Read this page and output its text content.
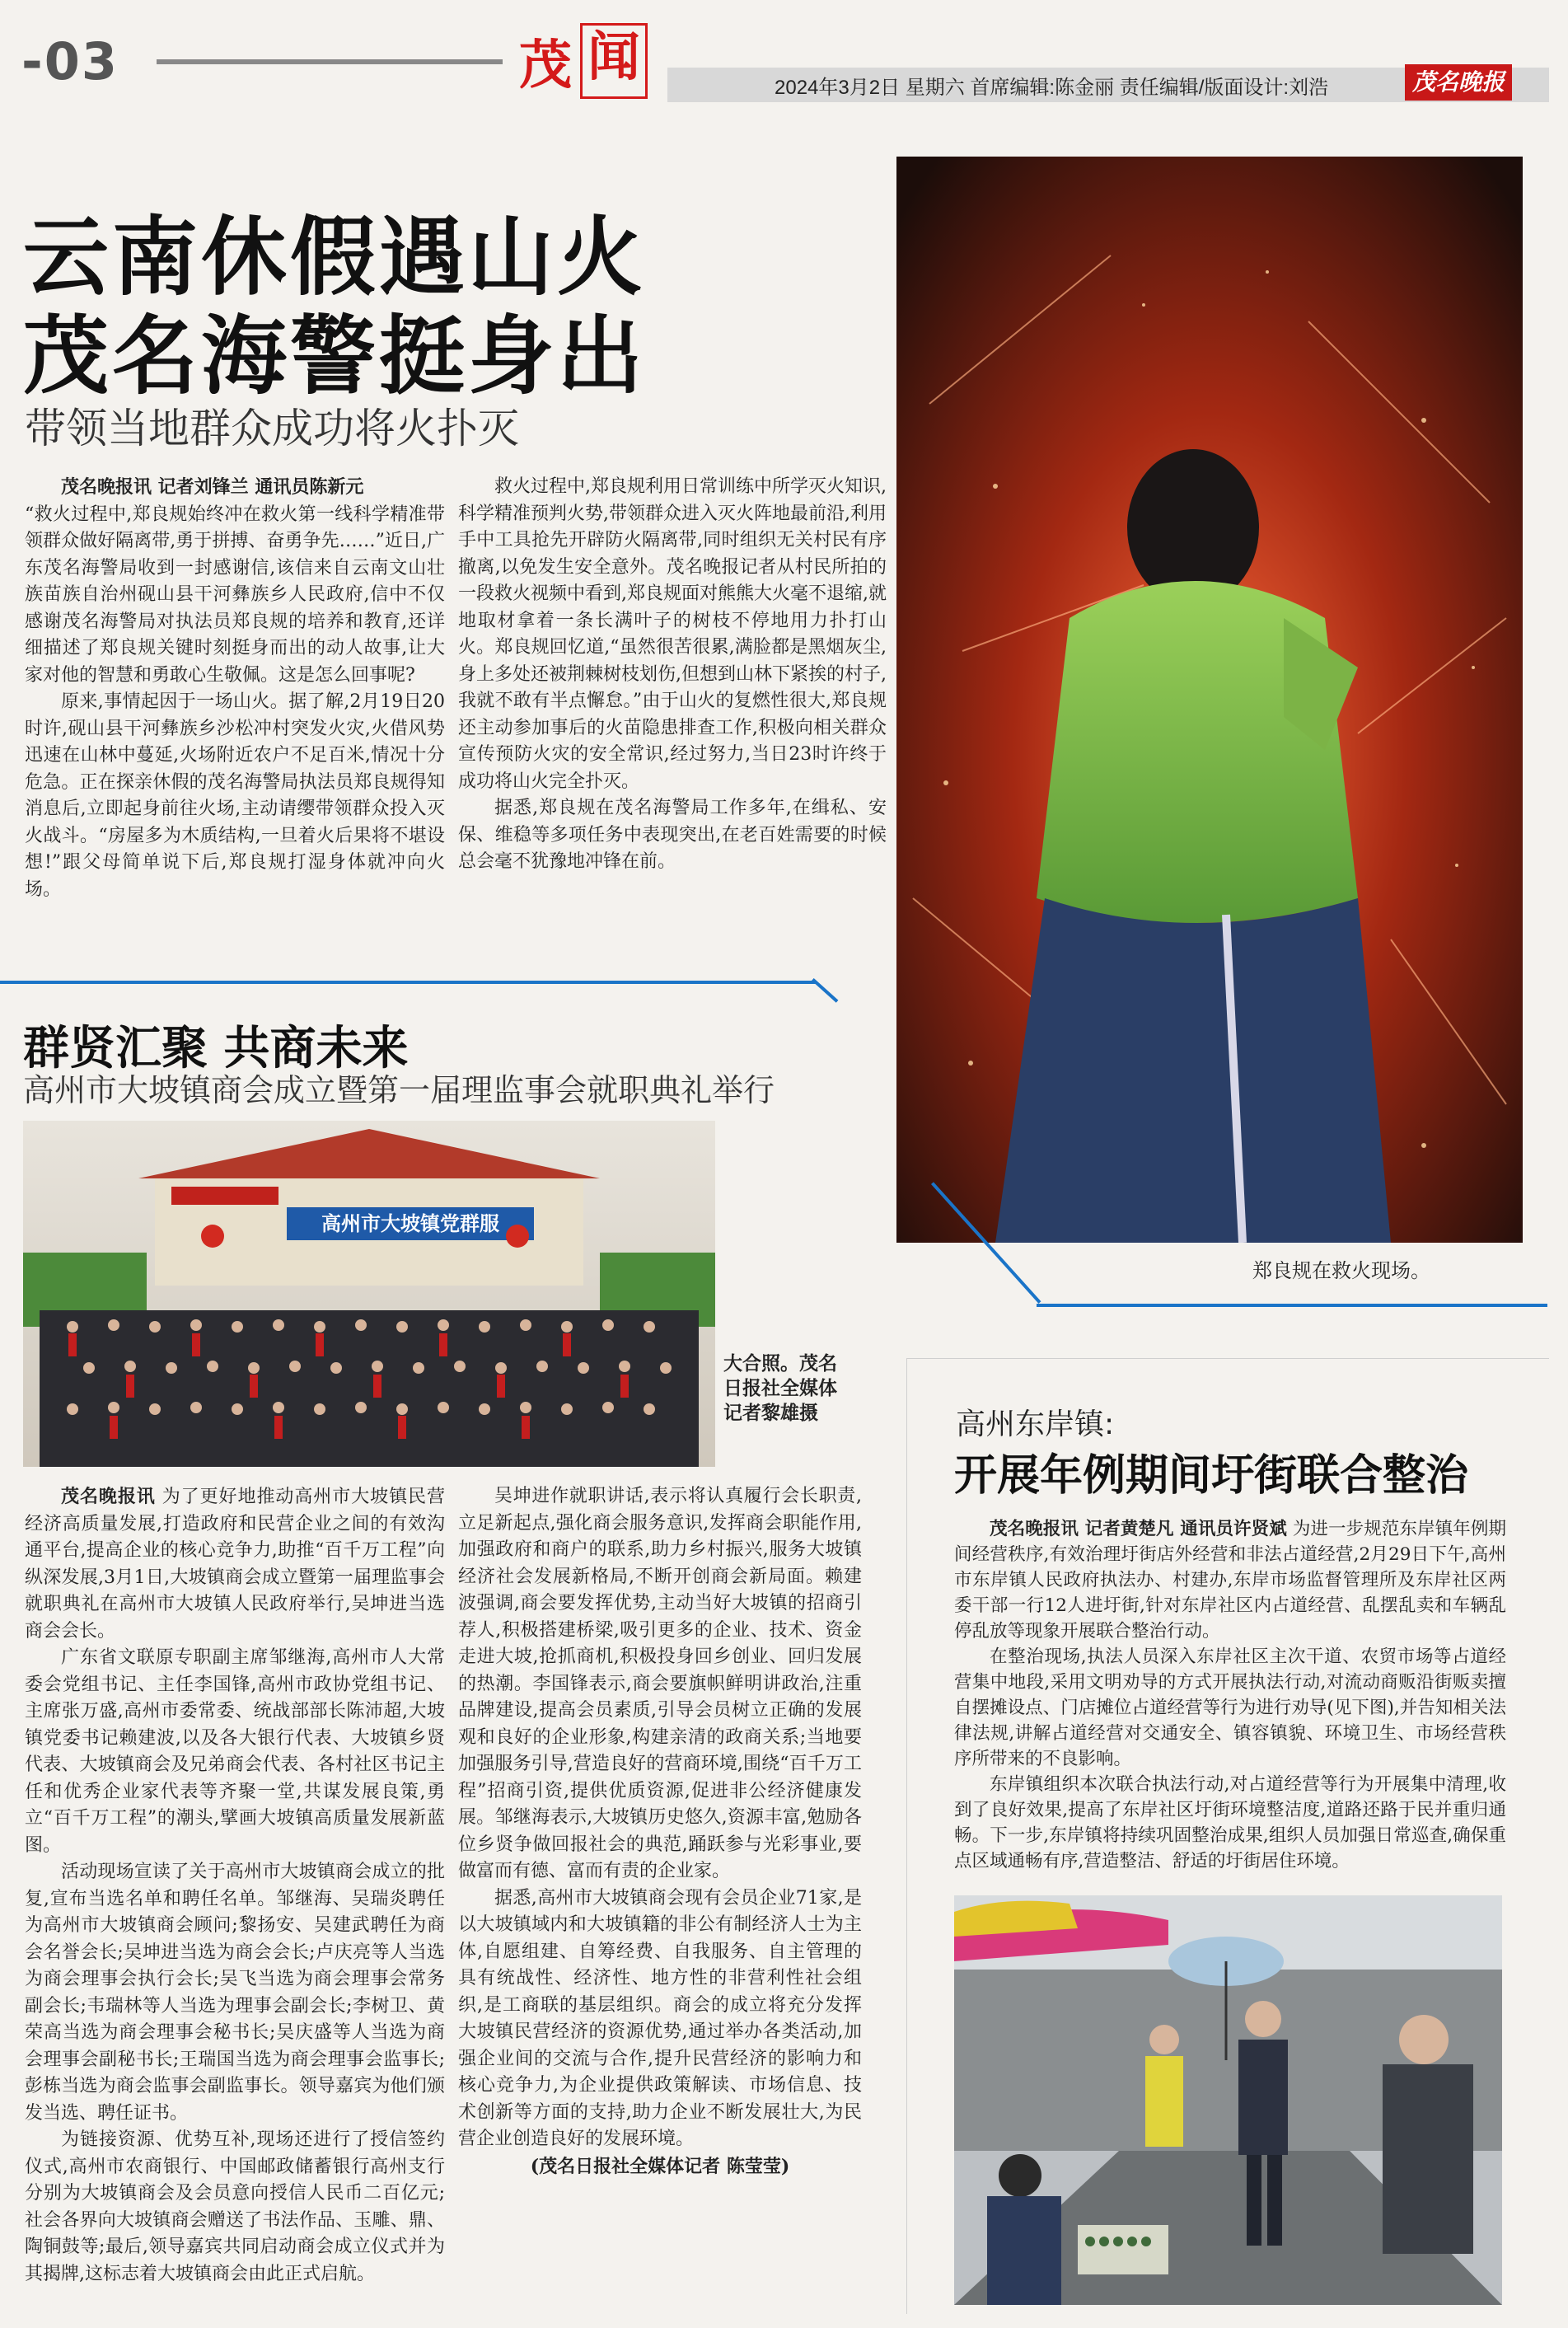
-03	茂 闻	2024年3月2日 星期六 首席编辑:陈金丽 责任编辑/版面设计:刘浩	茂名晚报
云南休假遇山火
茂名海警挺身出
带领当地群众成功将火扑灭

茂名晚报讯 记者刘锋兰 通讯员陈新元

“救火过程中,郑良规始终冲在救火第一线科学精准带领群众做好隔离带,勇于拼搏、奋勇争先……”近日,广东茂名海警局收到一封感谢信,该信来自云南文山壮族苗族自治州砚山县干河彝族乡人民政府,信中不仅感谢茂名海警局对执法员郑良规的培养和教育,还详细描述了郑良规关键时刻挺身而出的动人故事,让大家对他的智慧和勇敢心生敬佩。这是怎么回事呢?

原来,事情起因于一场山火。据了解,2月19日20时许,砚山县干河彝族乡沙松冲村突发火灾,火借风势迅速在山林中蔓延,火场附近农户不足百米,情况十分危急。正在探亲休假的茂名海警局执法员郑良规得知消息后,立即起身前往火场,主动请缨带领群众投入灭火战斗。“房屋多为木质结构,一旦着火后果将不堪设想!”跟父母简单说下后,郑良规打湿身体就冲向火场。

救火过程中,郑良规利用日常训练中所学灭火知识,科学精准预判火势,带领群众进入灭火阵地最前沿,利用手中工具抢先开辟防火隔离带,同时组织无关村民有序撤离,以免发生安全意外。茂名晚报记者从村民所拍的一段救火视频中看到,郑良规面对熊熊大火毫不退缩,就地取材拿着一条长满叶子的树枝不停地用力扑打山火。郑良规回忆道,“虽然很苦很累,满脸都是黑烟灰尘,身上多处还被荆棘树枝划伤,但想到山林下紧挨的村子,我就不敢有半点懈怠。”由于山火的复燃性很大,郑良规还主动参加事后的火苗隐患排查工作,积极向相关群众宣传预防火灾的安全常识,经过努力,当日23时许终于成功将山火完全扑灭。

据悉,郑良规在茂名海警局工作多年,在缉私、安保、维稳等多项任务中表现突出,在老百姓需要的时候总会毫不犹豫地冲锋在前。

郑良规在救火现场。
群贤汇聚 共商未来
高州市大坡镇商会成立暨第一届理监事会就职典礼举行
高州市大坡镇党群服
大合照。茂名日报社全媒体记者黎雄摄

茂名晚报讯 为了更好地推动高州市大坡镇民营经济高质量发展,打造政府和民营企业之间的有效沟通平台,提高企业的核心竞争力,助推“百千万工程”向纵深发展,3月1日,大坡镇商会成立暨第一届理监事会就职典礼在高州市大坡镇人民政府举行,吴坤进当选商会会长。

广东省文联原专职副主席邹继海,高州市人大常委会党组书记、主任李国锋,高州市政协党组书记、主席张万盛,高州市委常委、统战部部长陈沛超,大坡镇党委书记赖建波,以及各大银行代表、大坡镇乡贤代表、大坡镇商会及兄弟商会代表、各村社区书记主任和优秀企业家代表等齐聚一堂,共谋发展良策,勇立“百千万工程”的潮头,擘画大坡镇高质量发展新蓝图。

活动现场宣读了关于高州市大坡镇商会成立的批复,宣布当选名单和聘任名单。邹继海、吴瑞炎聘任为高州市大坡镇商会顾问;黎扬安、吴建武聘任为商会名誉会长;吴坤进当选为商会会长;卢庆亮等人当选为商会理事会执行会长;吴飞当选为商会理事会常务副会长;韦瑞林等人当选为理事会副会长;李树卫、黄荣高当选为商会理事会秘书长;吴庆盛等人当选为商会理事会副秘书长;王瑞国当选为商会理事会监事长;彭栋当选为商会监事会副监事长。领导嘉宾为他们颁发当选、聘任证书。

为链接资源、优势互补,现场还进行了授信签约仪式,高州市农商银行、中国邮政储蓄银行高州支行分别为大坡镇商会及会员意向授信人民币二百亿元;社会各界向大坡镇商会赠送了书法作品、玉雕、鼎、陶铜鼓等;最后,领导嘉宾共同启动商会成立仪式并为其揭牌,这标志着大坡镇商会由此正式启航。

吴坤进作就职讲话,表示将认真履行会长职责,立足新起点,强化商会服务意识,发挥商会职能作用,加强政府和商户的联系,助力乡村振兴,服务大坡镇经济社会发展新格局,不断开创商会新局面。赖建波强调,商会要发挥优势,主动当好大坡镇的招商引荐人,积极搭建桥梁,吸引更多的企业、技术、资金走进大坡,抢抓商机,积极投身回乡创业、回归发展的热潮。李国锋表示,商会要旗帜鲜明讲政治,注重品牌建设,提高会员素质,引导会员树立正确的发展观和良好的企业形象,构建亲清的政商关系;当地要加强服务引导,营造良好的营商环境,围绕“百千万工程”招商引资,提供优质资源,促进非公经济健康发展。邹继海表示,大坡镇历史悠久,资源丰富,勉励各位乡贤争做回报社会的典范,踊跃参与光彩事业,要做富而有德、富而有责的企业家。

据悉,高州市大坡镇商会现有会员企业71家,是以大坡镇域内和大坡镇籍的非公有制经济人士为主体,自愿组建、自筹经费、自我服务、自主管理的具有统战性、经济性、地方性的非营利性社会组织,是工商联的基层组织。商会的成立将充分发挥大坡镇民营经济的资源优势,通过举办各类活动,加强企业间的交流与合作,提升民营经济的影响力和核心竞争力,为企业提供政策解读、市场信息、技术创新等方面的支持,助力企业不断发展壮大,为民营企业创造良好的发展环境。

(茂名日报社全媒体记者 陈莹莹)

高州东岸镇:
开展年例期间圩街联合整治

茂名晚报讯 记者黄楚凡 通讯员许贤斌 为进一步规范东岸镇年例期间经营秩序,有效治理圩街店外经营和非法占道经营,2月29日下午,高州市东岸镇人民政府执法办、村建办,东岸市场监督管理所及东岸社区两委干部一行12人进圩街,针对东岸社区内占道经营、乱摆乱卖和车辆乱停乱放等现象开展联合整治行动。

在整治现场,执法人员深入东岸社区主次干道、农贸市场等占道经营集中地段,采用文明劝导的方式开展执法行动,对流动商贩沿街贩卖擅自摆摊设点、门店摊位占道经营等行为进行劝导(见下图),并告知相关法律法规,讲解占道经营对交通安全、镇容镇貌、环境卫生、市场经营秩序所带来的不良影响。

东岸镇组织本次联合执法行动,对占道经营等行为开展集中清理,收到了良好效果,提高了东岸社区圩街环境整洁度,道路还路于民并重归通畅。下一步,东岸镇将持续巩固整治成果,组织人员加强日常巡查,确保重点区域通畅有序,营造整洁、舒适的圩街居住环境。
